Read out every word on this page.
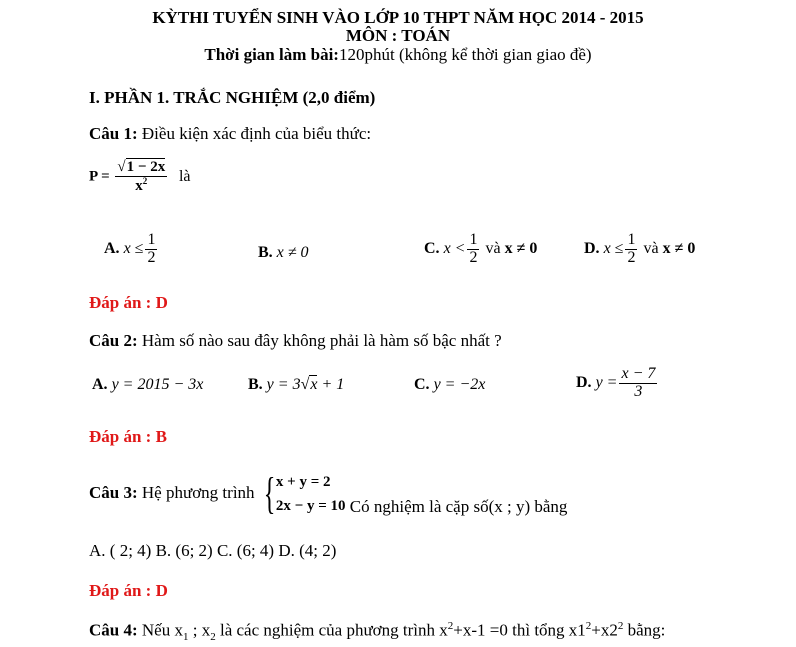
KỲTHI TUYỂN SINH VÀO LỚP 10 THPT NĂM HỌC 2014 - 2015
MÔN : TOÁN
Thời gian làm bài:120phút (không kể thời gian giao đề)
I. PHẦN 1. TRẮC NGHIỆM (2,0 điểm)
Câu 1: Điều kiện xác định của biểu thức:
$P = \frac{√1 - 2x}{x^2}$ là
A. $x \le \frac{1}{2}$	B. x ≠ 0	C. $x < \frac{1}{2}$ và x ≠ 0	D. $x \le \frac{1}{2}$ và x ≠ 0
Đáp án : D
Câu 2: Hàm số nào sau đây không phải là hàm số bậc nhất ?
A. y = 2015 − 3x	B. y = 3√x + 1	C. y = −2x	D. $y = \frac{x - 7}{3}$
Đáp án : B
Câu 3: Hệ phương trình { x + y = 2
2x − y = 10 Có nghiệm là cặp số(x ; y) bằng
A. ( 2; 4) B. (6; 2) C. (6; 4) D. (4; 2)
Đáp án : D
Câu 4: Nếu $x_1$ ; $x_2$ là các nghiệm của phương trình $x^2+x-1 =0$ thì tổng $x1^2+x2^2$ bằng:
